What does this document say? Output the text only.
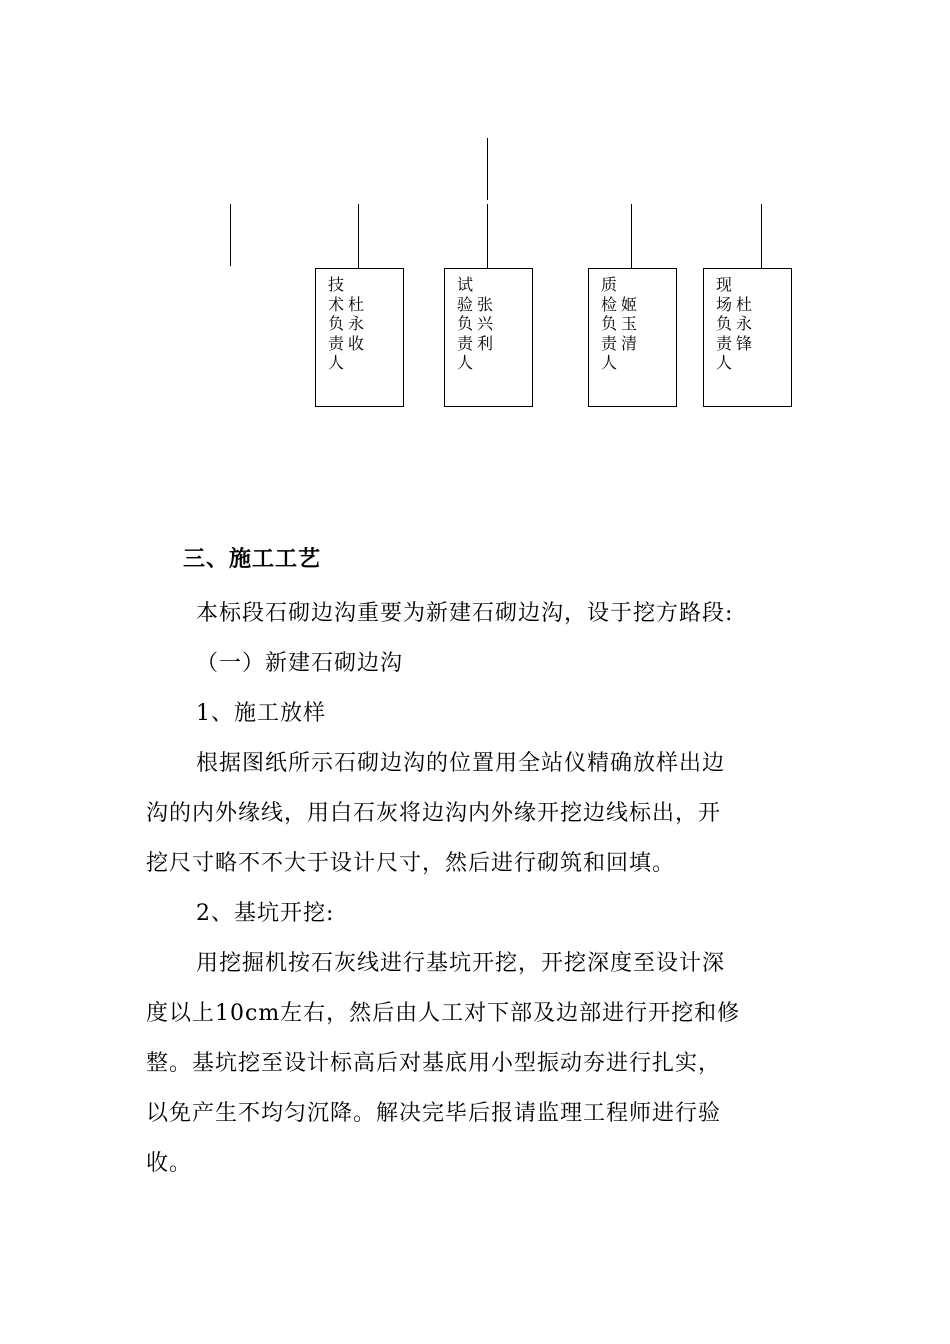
技
术
负
责
人

杜
永
收
试
验
负
责
人

张
兴
利
质
检
负
责
人

姬
玉
清
现
场
负
责
人

杜
永
锋
三、施工工艺
本标段石砌边沟重要为新建石砌边沟，设于挖方路段:
（一）新建石砌边沟
1、施工放样
根据图纸所示石砌边沟的位置用全站仪精确放样出边
沟的内外缘线，用白石灰将边沟内外缘开挖边线标出，开
挖尺寸略不不大于设计尺寸，然后进行砌筑和回填。
2、基坑开挖:
用挖掘机按石灰线进行基坑开挖，开挖深度至设计深
度以上10cm左右，然后由人工对下部及边部进行开挖和修
整。基坑挖至设计标高后对基底用小型振动夯进行扎实，
以免产生不均匀沉降。解决完毕后报请监理工程师进行验
收。
